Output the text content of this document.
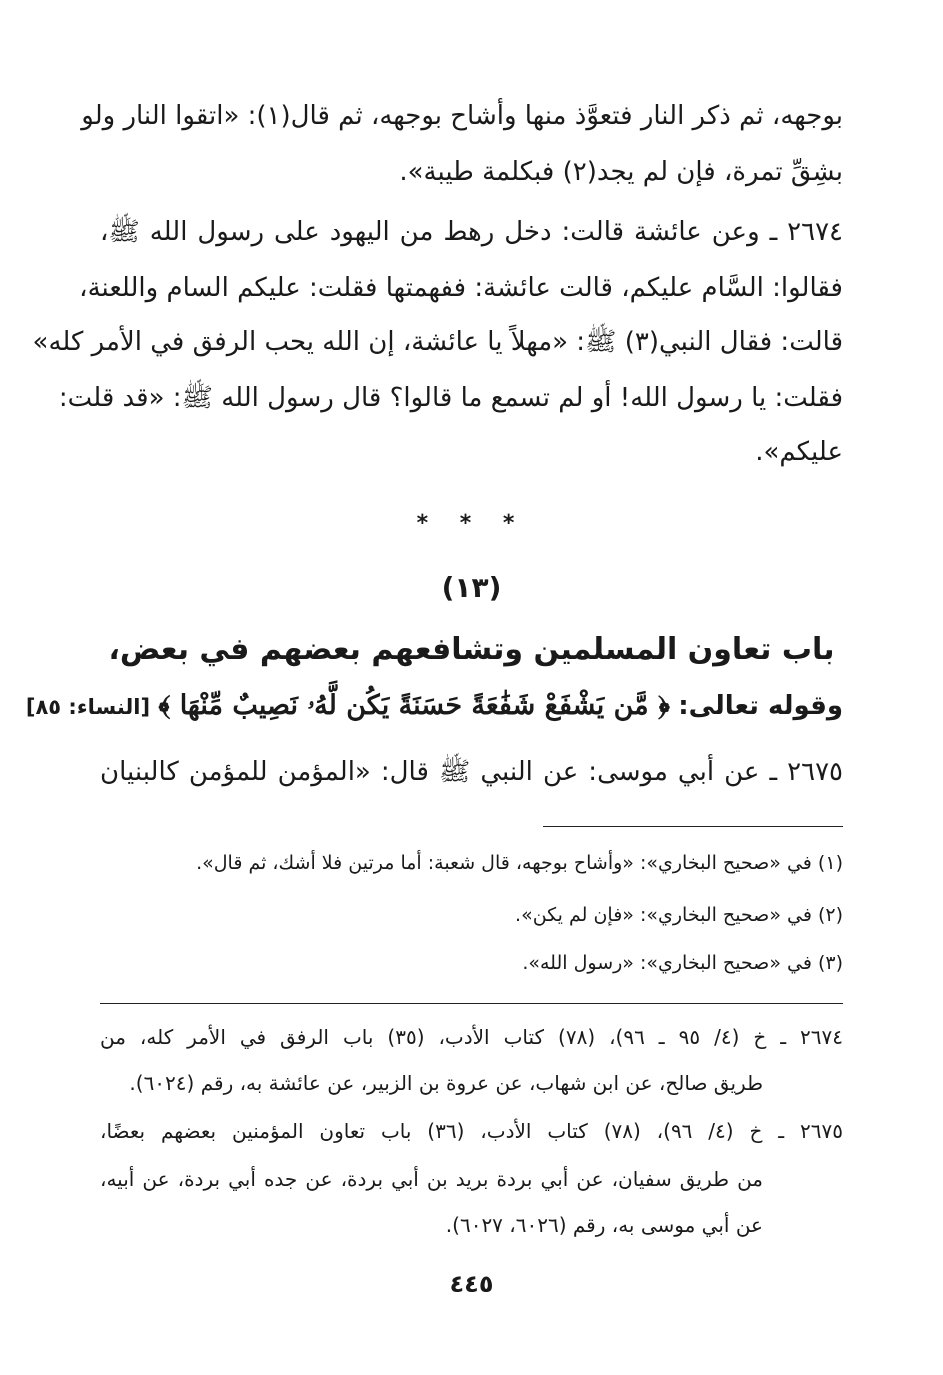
بوجهه، ثم ذكر النار فتعوَّذ منها وأشاح بوجهه، ثم قال(١): «اتقوا النار ولو
بشِقِّ تمرة، فإن لم يجد(٢) فبكلمة طيبة».
٢٦٧٤ ـ وعن عائشة قالت: دخل رهط من اليهود على رسول الله ﷺ،
فقالوا: السَّام عليكم، قالت عائشة: ففهمتها فقلت: عليكم السام واللعنة،
قالت: فقال النبي(٣) ﷺ: «مهلاً يا عائشة، إن الله يحب الرفق في الأمر كله»
فقلت: يا رسول الله! أو لم تسمع ما قالوا؟ قال رسول الله ﷺ: «قد قلت:
عليكم».
* * *
(١٣)
باب تعاون المسلمين وتشافعهم بعضهم في بعض،
وقوله تعالى: ﴿ مَّن يَشْفَعْ شَفَٰعَةً حَسَنَةً يَكُن لَّهُۥ نَصِيبٌ مِّنْهَا ﴾ [النساء: ٨٥]
٢٦٧٥ ـ عن أبي موسى: عن النبي ﷺ قال: «المؤمن للمؤمن كالبنيان
(١) في «صحيح البخاري»: «وأشاح بوجهه، قال شعبة: أما مرتين فلا أشك، ثم قال».
(٢) في «صحيح البخاري»: «فإن لم يكن».
(٣) في «صحيح البخاري»: «رسول الله».
٢٦٧٤ ـ خ (٤/ ٩٥ ـ ٩٦)، (٧٨) كتاب الأدب، (٣٥) باب الرفق في الأمر كله، من
طريق صالح، عن ابن شهاب، عن عروة بن الزبير، عن عائشة به، رقم (٦٠٢٤).
٢٦٧٥ ـ خ (٤/ ٩٦)، (٧٨) كتاب الأدب، (٣٦) باب تعاون المؤمنين بعضهم بعضًا،
من طريق سفيان، عن أبي بردة بريد بن أبي بردة، عن جده أبي بردة، عن أبيه،
عن أبي موسى به، رقم (٦٠٢٦، ٦٠٢٧).
٤٤٥
